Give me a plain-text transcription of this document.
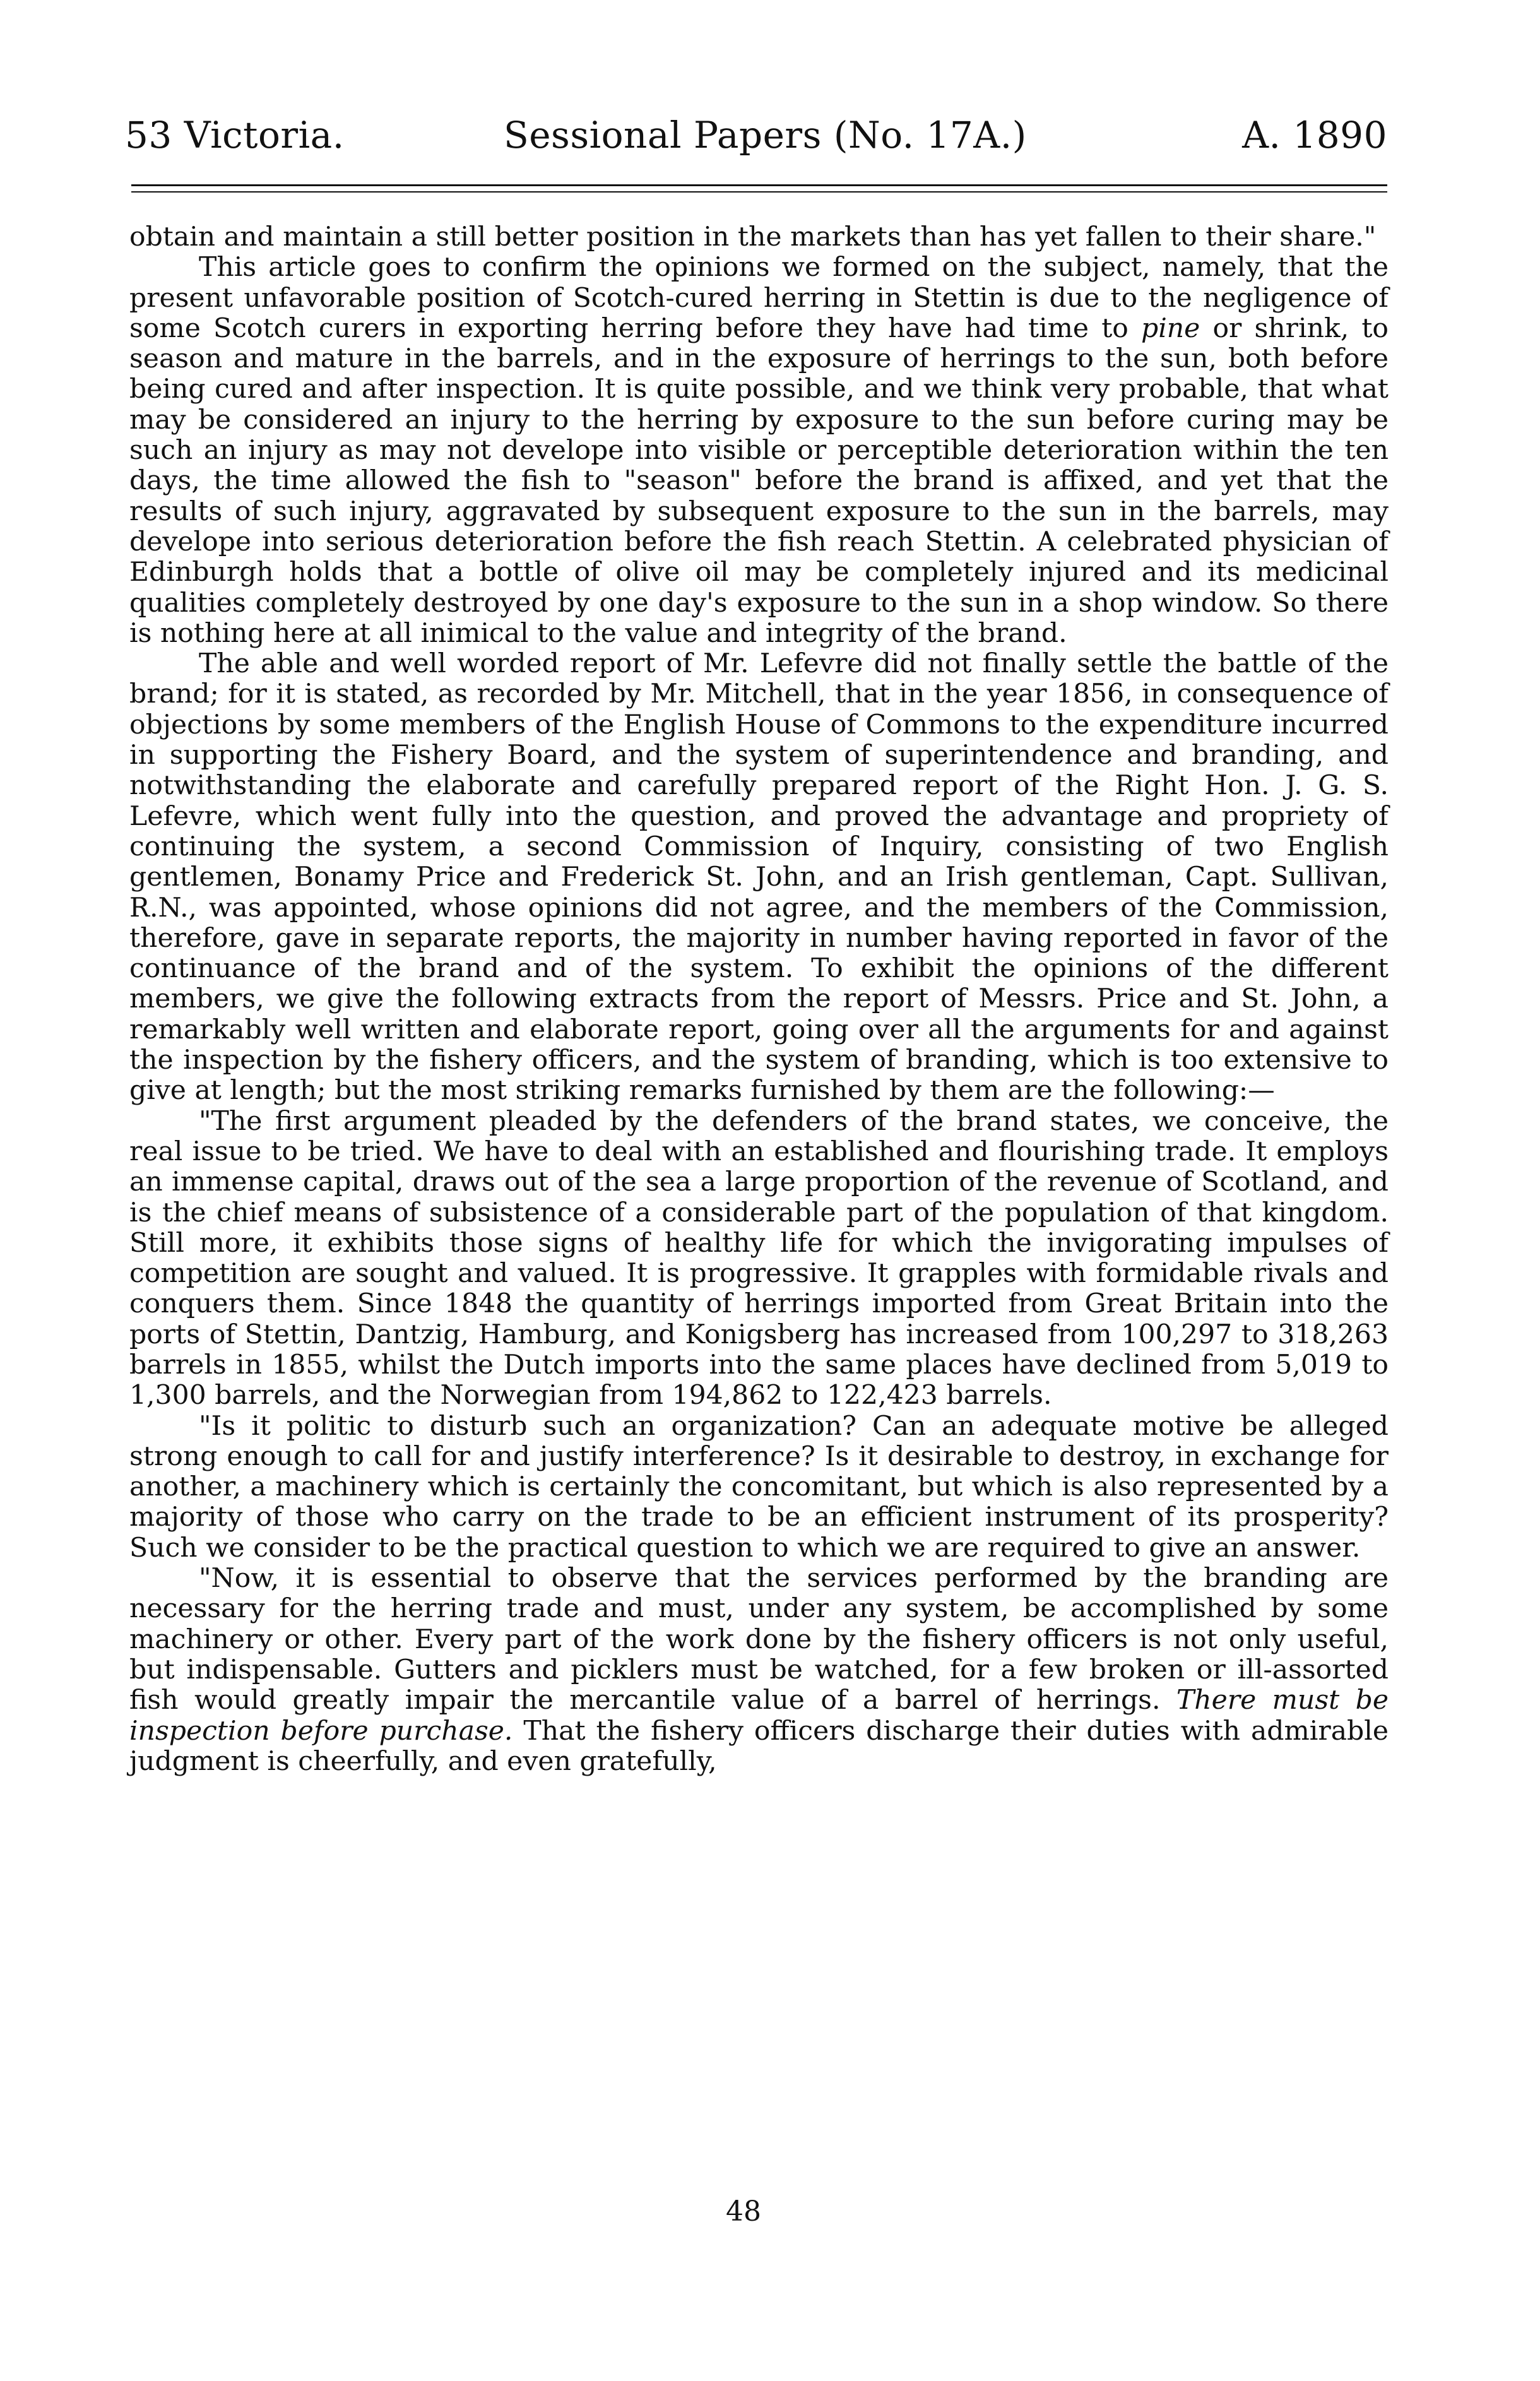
53 Victoria.	Sessional Papers (No. 17A.)	A. 1890

obtain and maintain a still better position in the markets than has yet fallen to their share."

This article goes to confirm the opinions we formed on the subject, namely, that the present unfavorable position of Scotch-cured herring in Stettin is due to the negligence of some Scotch curers in exporting herring before they have had time to pine or shrink, to season and mature in the barrels, and in the exposure of herrings to the sun, both before being cured and after inspection. It is quite possible, and we think very probable, that what may be considered an injury to the herring by exposure to the sun before curing may be such an injury as may not develope into visible or perceptible deterioration within the ten days, the time allowed the fish to "season" before the brand is affixed, and yet that the results of such injury, aggravated by subsequent exposure to the sun in the barrels, may develope into serious deterioration before the fish reach Stettin. A celebrated physician of Edinburgh holds that a bottle of olive oil may be completely injured and its medicinal qualities completely destroyed by one day's exposure to the sun in a shop window. So there is nothing here at all inimical to the value and integrity of the brand.

The able and well worded report of Mr. Lefevre did not finally settle the battle of the brand; for it is stated, as recorded by Mr. Mitchell, that in the year 1856, in consequence of objections by some members of the English House of Commons to the expenditure incurred in supporting the Fishery Board, and the system of superintendence and branding, and notwithstanding the elaborate and carefully prepared report of the Right Hon. J. G. S. Lefevre, which went fully into the question, and proved the advantage and propriety of continuing the system, a second Commission of Inquiry, consisting of two English gentlemen, Bonamy Price and Frederick St. John, and an Irish gentleman, Capt. Sullivan, R.N., was appointed, whose opinions did not agree, and the members of the Commission, therefore, gave in separate reports, the majority in number having reported in favor of the continuance of the brand and of the system. To exhibit the opinions of the different members, we give the following extracts from the report of Messrs. Price and St. John, a remarkably well written and elaborate report, going over all the arguments for and against the inspection by the fishery officers, and the system of branding, which is too extensive to give at length; but the most striking remarks furnished by them are the following:—

"The first argument pleaded by the defenders of the brand states, we conceive, the real issue to be tried. We have to deal with an established and flourishing trade. It employs an immense capital, draws out of the sea a large proportion of the revenue of Scotland, and is the chief means of subsistence of a considerable part of the population of that kingdom. Still more, it exhibits those signs of healthy life for which the invigorating impulses of competition are sought and valued. It is progressive. It grapples with formidable rivals and conquers them. Since 1848 the quantity of herrings imported from Great Britain into the ports of Stettin, Dantzig, Hamburg, and Konigsberg has increased from 100,297 to 318,263 barrels in 1855, whilst the Dutch imports into the same places have declined from 5,019 to 1,300 barrels, and the Norwegian from 194,862 to 122,423 barrels.

"Is it politic to disturb such an organization? Can an adequate motive be alleged strong enough to call for and justify interference? Is it desirable to destroy, in exchange for another, a machinery which is certainly the concomitant, but which is also represented by a majority of those who carry on the trade to be an efficient instrument of its prosperity? Such we consider to be the practical question to which we are required to give an answer.

"Now, it is essential to observe that the services performed by the branding are necessary for the herring trade and must, under any system, be accomplished by some machinery or other. Every part of the work done by the fishery officers is not only useful, but indispensable. Gutters and picklers must be watched, for a few broken or ill-assorted fish would greatly impair the mercantile value of a barrel of herrings. There must be inspection before purchase. That the fishery officers discharge their duties with admirable judgment is cheerfully, and even gratefully,

48
